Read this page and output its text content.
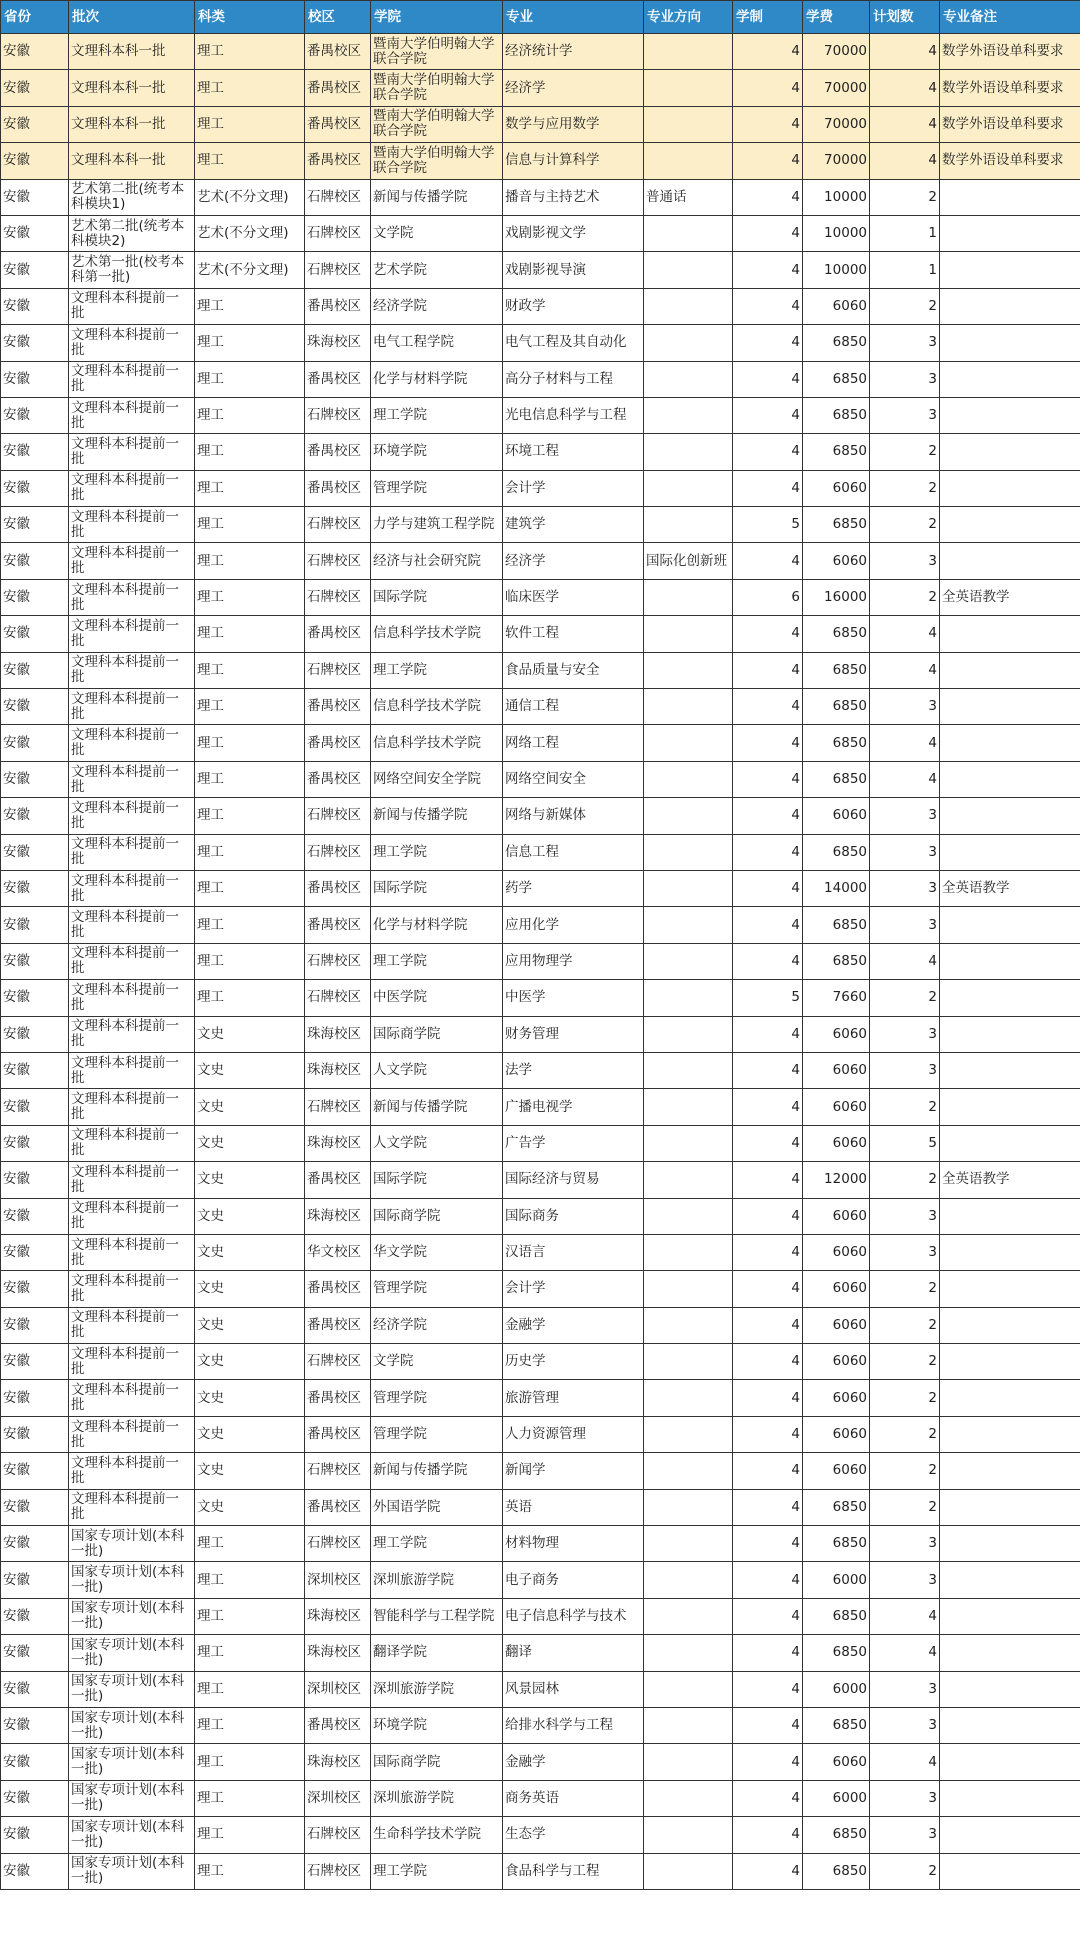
省份	批次	科类	校区	学院	专业	专业方向	学制	学费	计划数	专业备注
安徽	文理科本科一批	理工	番禺校区	暨南大学伯明翰大学联合学院	经济统计学		4	70000	4	数学外语设单科要求
安徽	文理科本科一批	理工	番禺校区	暨南大学伯明翰大学联合学院	经济学		4	70000	4	数学外语设单科要求
安徽	文理科本科一批	理工	番禺校区	暨南大学伯明翰大学联合学院	数学与应用数学		4	70000	4	数学外语设单科要求
安徽	文理科本科一批	理工	番禺校区	暨南大学伯明翰大学联合学院	信息与计算科学		4	70000	4	数学外语设单科要求
安徽	艺术第二批(统考本科模块1)	艺术(不分文理)	石牌校区	新闻与传播学院	播音与主持艺术	普通话	4	10000	2	
安徽	艺术第二批(统考本科模块2)	艺术(不分文理)	石牌校区	文学院	戏剧影视文学		4	10000	1	
安徽	艺术第一批(校考本科第一批)	艺术(不分文理)	石牌校区	艺术学院	戏剧影视导演		4	10000	1	
安徽	文理科本科提前一批	理工	番禺校区	经济学院	财政学		4	6060	2	
安徽	文理科本科提前一批	理工	珠海校区	电气工程学院	电气工程及其自动化		4	6850	3	
安徽	文理科本科提前一批	理工	番禺校区	化学与材料学院	高分子材料与工程		4	6850	3	
安徽	文理科本科提前一批	理工	石牌校区	理工学院	光电信息科学与工程		4	6850	3	
安徽	文理科本科提前一批	理工	番禺校区	环境学院	环境工程		4	6850	2	
安徽	文理科本科提前一批	理工	番禺校区	管理学院	会计学		4	6060	2	
安徽	文理科本科提前一批	理工	石牌校区	力学与建筑工程学院	建筑学		5	6850	2	
安徽	文理科本科提前一批	理工	石牌校区	经济与社会研究院	经济学	国际化创新班	4	6060	3	
安徽	文理科本科提前一批	理工	石牌校区	国际学院	临床医学		6	16000	2	全英语教学
安徽	文理科本科提前一批	理工	番禺校区	信息科学技术学院	软件工程		4	6850	4	
安徽	文理科本科提前一批	理工	石牌校区	理工学院	食品质量与安全		4	6850	4	
安徽	文理科本科提前一批	理工	番禺校区	信息科学技术学院	通信工程		4	6850	3	
安徽	文理科本科提前一批	理工	番禺校区	信息科学技术学院	网络工程		4	6850	4	
安徽	文理科本科提前一批	理工	番禺校区	网络空间安全学院	网络空间安全		4	6850	4	
安徽	文理科本科提前一批	理工	石牌校区	新闻与传播学院	网络与新媒体		4	6060	3	
安徽	文理科本科提前一批	理工	石牌校区	理工学院	信息工程		4	6850	3	
安徽	文理科本科提前一批	理工	番禺校区	国际学院	药学		4	14000	3	全英语教学
安徽	文理科本科提前一批	理工	番禺校区	化学与材料学院	应用化学		4	6850	3	
安徽	文理科本科提前一批	理工	石牌校区	理工学院	应用物理学		4	6850	4	
安徽	文理科本科提前一批	理工	石牌校区	中医学院	中医学		5	7660	2	
安徽	文理科本科提前一批	文史	珠海校区	国际商学院	财务管理		4	6060	3	
安徽	文理科本科提前一批	文史	珠海校区	人文学院	法学		4	6060	3	
安徽	文理科本科提前一批	文史	石牌校区	新闻与传播学院	广播电视学		4	6060	2	
安徽	文理科本科提前一批	文史	珠海校区	人文学院	广告学		4	6060	5	
安徽	文理科本科提前一批	文史	番禺校区	国际学院	国际经济与贸易		4	12000	2	全英语教学
安徽	文理科本科提前一批	文史	珠海校区	国际商学院	国际商务		4	6060	3	
安徽	文理科本科提前一批	文史	华文校区	华文学院	汉语言		4	6060	3	
安徽	文理科本科提前一批	文史	番禺校区	管理学院	会计学		4	6060	2	
安徽	文理科本科提前一批	文史	番禺校区	经济学院	金融学		4	6060	2	
安徽	文理科本科提前一批	文史	石牌校区	文学院	历史学		4	6060	2	
安徽	文理科本科提前一批	文史	番禺校区	管理学院	旅游管理		4	6060	2	
安徽	文理科本科提前一批	文史	番禺校区	管理学院	人力资源管理		4	6060	2	
安徽	文理科本科提前一批	文史	石牌校区	新闻与传播学院	新闻学		4	6060	2	
安徽	文理科本科提前一批	文史	番禺校区	外国语学院	英语		4	6850	2	
安徽	国家专项计划(本科一批)	理工	石牌校区	理工学院	材料物理		4	6850	3	
安徽	国家专项计划(本科一批)	理工	深圳校区	深圳旅游学院	电子商务		4	6000	3	
安徽	国家专项计划(本科一批)	理工	珠海校区	智能科学与工程学院	电子信息科学与技术		4	6850	4	
安徽	国家专项计划(本科一批)	理工	珠海校区	翻译学院	翻译		4	6850	4	
安徽	国家专项计划(本科一批)	理工	深圳校区	深圳旅游学院	风景园林		4	6000	3	
安徽	国家专项计划(本科一批)	理工	番禺校区	环境学院	给排水科学与工程		4	6850	3	
安徽	国家专项计划(本科一批)	理工	珠海校区	国际商学院	金融学		4	6060	4	
安徽	国家专项计划(本科一批)	理工	深圳校区	深圳旅游学院	商务英语		4	6000	3	
安徽	国家专项计划(本科一批)	理工	石牌校区	生命科学技术学院	生态学		4	6850	3	
安徽	国家专项计划(本科一批)	理工	石牌校区	理工学院	食品科学与工程		4	6850	2	
